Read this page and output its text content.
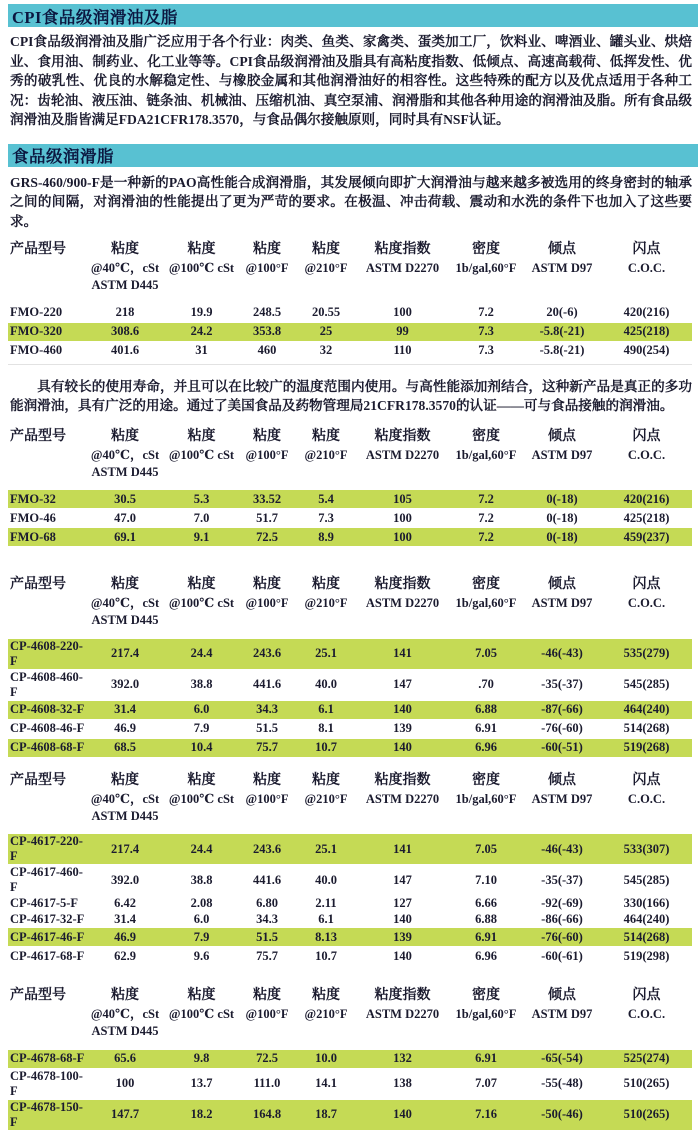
CPI食品级润滑油及脂

CPI食品级润滑油及脂广泛应用于各个行业：肉类、鱼类、家禽类、蛋类加工厂，饮料业、啤酒业、罐头业、烘焙业、食用油、制药业、化工业等等。CPI食品级润滑油及脂具有高粘度指数、低倾点、高速高载荷、低挥发性、优秀的破乳性、优良的水解稳定性、与橡胶金属和其他润滑油好的相容性。这些特殊的配方以及优点适用于各种工况：齿轮油、液压油、链条油、机械油、压缩机油、真空泵浦、润滑脂和其他各种用途的润滑油及脂。所有食品级润滑油及脂皆满足FDA21CFR178.3570，与食品偶尔接触原则，同时具有NSF认证。

食品级润滑脂

GRS-460/900-F是一种新的PAO高性能合成润滑脂，其发展倾向即扩大润滑油与越来越多被选用的终身密封的轴承之间的间隔，对润滑油的性能提出了更为严苛的要求。在极温、冲击荷载、震动和水洗的条件下也加入了这些要求。

产品型号	粘度
@40℃，cSt
ASTM D445

粘度
@100℃ cSt

粘度
@100°F

粘度
@210°F

粘度指数
ASTM D2270

密度
1b/gal,60°F

倾点
ASTM D97

闪点
C.O.C.

FMO-220	218	19.9	248.5	20.55	100	7.2	20(-6)	420(216)
FMO-320	308.6	24.2	353.8	25	99	7.3	-5.8(-21)	425(218)
FMO-460	401.6	31	460	32	110	7.3	-5.8(-21)	490(254)

具有较长的使用寿命，并且可以在比较广的温度范围内使用。与高性能添加剂结合，这种新产品是真正的多功能润滑油，具有广泛的用途。通过了美国食品及药物管理局21CFR178.3570的认证——可与食品接触的润滑油。

产品型号	粘度
@40℃，cSt
ASTM D445

粘度
@100℃ cSt

粘度
@100°F

粘度
@210°F

粘度指数
ASTM D2270

密度
1b/gal,60°F

倾点
ASTM D97

闪点
C.O.C.

FMO-32	30.5	5.3	33.52	5.4	105	7.2	0(-18)	420(216)
FMO-46	47.0	7.0	51.7	7.3	100	7.2	0(-18)	425(218)
FMO-68	69.1	9.1	72.5	8.9	100	7.2	0(-18)	459(237)
产品型号	粘度
@40℃，cSt
ASTM D445

粘度
@100℃ cSt

粘度
@100°F

粘度
@210°F

粘度指数
ASTM D2270

密度
1b/gal,60°F

倾点
ASTM D97

闪点
C.O.C.

CP-4608-220-F	217.4	24.4	243.6	25.1	141	7.05	-46(-43)	535(279)
CP-4608-460-F	392.0	38.8	441.6	40.0	147	.70	-35(-37)	545(285)
CP-4608-32-F	31.4	6.0	34.3	6.1	140	6.88	-87(-66)	464(240)
CP-4608-46-F	46.9	7.9	51.5	8.1	139	6.91	-76(-60)	514(268)
CP-4608-68-F	68.5	10.4	75.7	10.7	140	6.96	-60(-51)	519(268)
产品型号	粘度
@40℃，cSt
ASTM D445

粘度
@100℃ cSt

粘度
@100°F

粘度
@210°F

粘度指数
ASTM D2270

密度
1b/gal,60°F

倾点
ASTM D97

闪点
C.O.C.

CP-4617-220-F	217.4	24.4	243.6	25.1	141	7.05	-46(-43)	533(307)
CP-4617-460-F	392.0	38.8	441.6	40.0	147	7.10	-35(-37)	545(285)
CP-4617-5-F	6.42	2.08	6.80	2.11	127	6.66	-92(-69)	330(166)
CP-4617-32-F	31.4	6.0	34.3	6.1	140	6.88	-86(-66)	464(240)
CP-4617-46-F	46.9	7.9	51.5	8.13	139	6.91	-76(-60)	514(268)
CP-4617-68-F	62.9	9.6	75.7	10.7	140	6.96	-60(-61)	519(298)
产品型号	粘度
@40℃，cSt
ASTM D445

粘度
@100℃ cSt

粘度
@100°F

粘度
@210°F

粘度指数
ASTM D2270

密度
1b/gal,60°F

倾点
ASTM D97

闪点
C.O.C.

CP-4678-68-F	65.6	9.8	72.5	10.0	132	6.91	-65(-54)	525(274)
CP-4678-100-F	100	13.7	111.0	14.1	138	7.07	-55(-48)	510(265)
CP-4678-150-F	147.7	18.2	164.8	18.7	140	7.16	-50(-46)	510(265)
